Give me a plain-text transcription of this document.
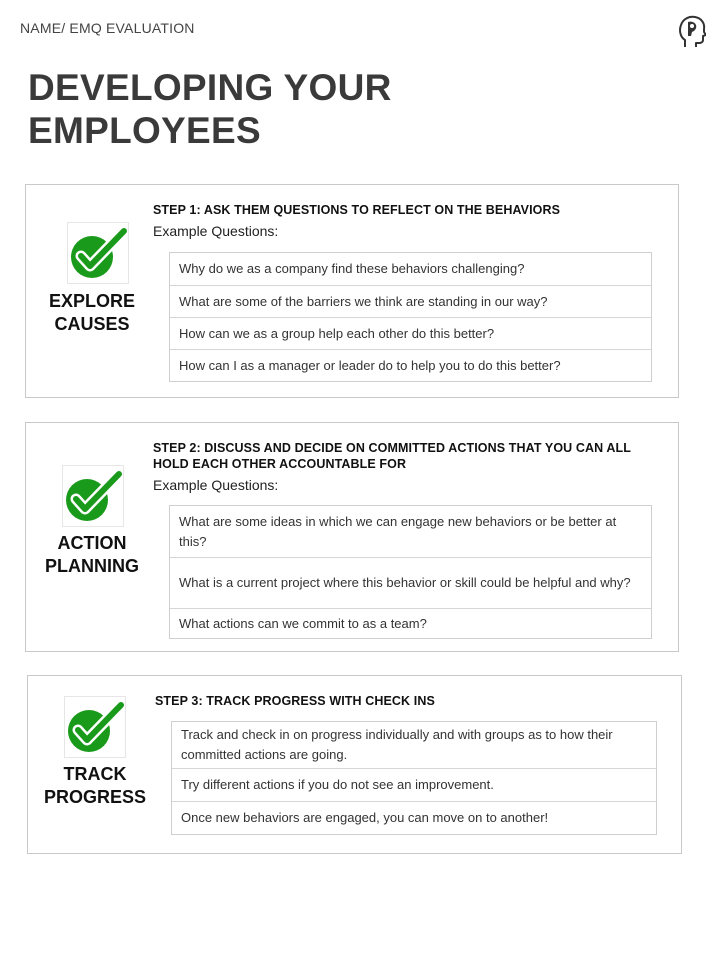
NAME/ EMQ EVALUATION
DEVELOPING YOUR
EMPLOYEES
EXPLORE
CAUSES
STEP 1: ASK THEM QUESTIONS TO REFLECT ON THE BEHAVIORS
Example Questions:
Why do we as a company find these behaviors challenging?
What are some of the barriers we think are standing in our way?
How can we as a group help each other do this better?
How can I as a manager or leader do to help you to do this better?
ACTION
PLANNING
STEP 2: DISCUSS AND DECIDE ON COMMITTED ACTIONS THAT YOU CAN ALL HOLD EACH OTHER ACCOUNTABLE FOR
Example Questions:
What are some ideas in which we can engage new behaviors or be better at this?
What is a current project where this behavior or skill could be helpful and why?
What actions can we commit to as a team?
TRACK
PROGRESS
STEP 3: TRACK PROGRESS WITH CHECK INS
Track and check in on progress individually and with groups as to how their committed actions are going.
Try different actions if you do not see an improvement.
Once new behaviors are engaged, you can move on to another!
